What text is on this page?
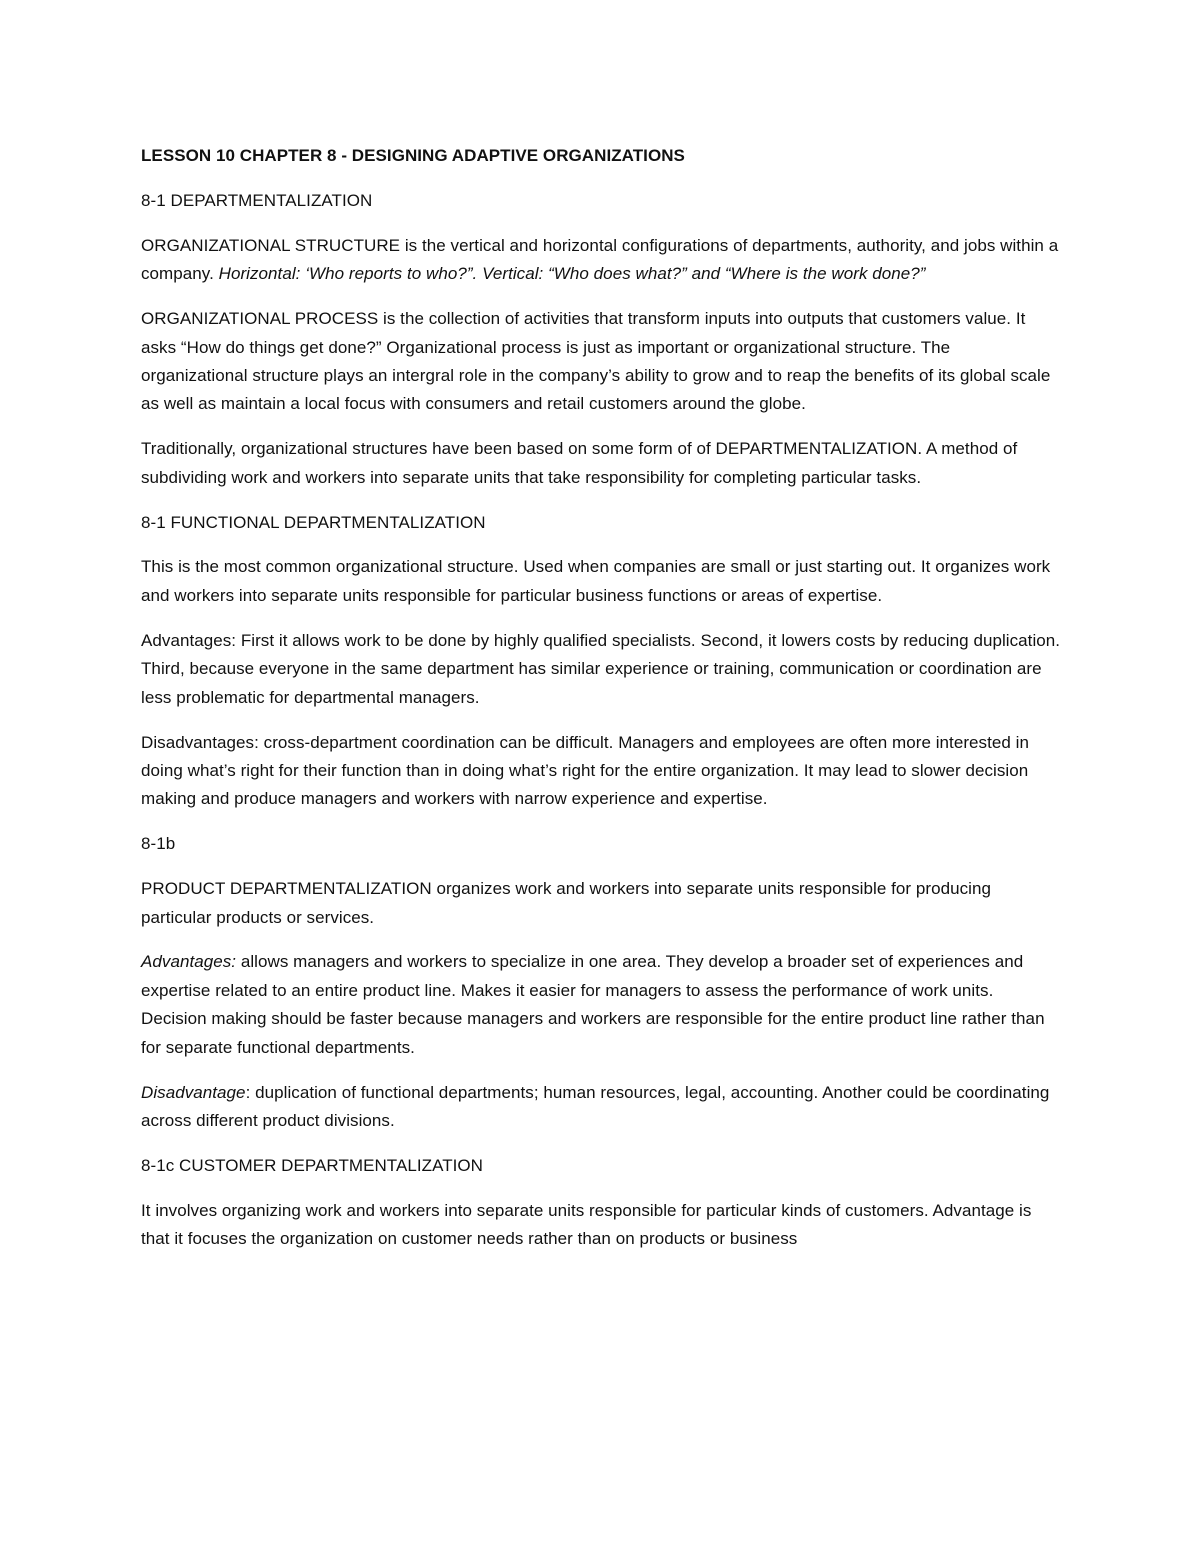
LESSON 10 CHAPTER 8 - DESIGNING ADAPTIVE ORGANIZATIONS

8-1 DEPARTMENTALIZATION

ORGANIZATIONAL STRUCTURE is the vertical and horizontal configurations of departments, authority, and jobs within a company. Horizontal: ‘Who reports to who?”. Vertical: “Who does what?” and “Where is the work done?”

ORGANIZATIONAL PROCESS is the collection of activities that transform inputs into outputs that customers value. It asks “How do things get done?” Organizational process is just as important or organizational structure. The organizational structure plays an intergral role in the company’s ability to grow and to reap the benefits of its global scale as well as maintain a local focus with consumers and retail customers around the globe.

Traditionally, organizational structures have been based on some form of of DEPARTMENTALIZATION. A method of subdividing work and workers into separate units that take responsibility for completing particular tasks.

8-1 FUNCTIONAL DEPARTMENTALIZATION

This is the most common organizational structure. Used when companies are small or just starting out. It organizes work and workers into separate units responsible for particular business functions or areas of expertise.

Advantages: First it allows work to be done by highly qualified specialists. Second, it lowers costs by reducing duplication. Third, because everyone in the same department has similar experience or training, communication or coordination are less problematic for departmental managers.

Disadvantages: cross-department coordination can be difficult. Managers and employees are often more interested in doing what’s right for their function than in doing what’s right for the entire organization. It may lead to slower decision making and produce managers and workers with narrow experience and expertise.

8-1b

PRODUCT DEPARTMENTALIZATION organizes work and workers into separate units responsible for producing particular products or services.

Advantages: allows managers and workers to specialize in one area. They develop a broader set of experiences and expertise related to an entire product line. Makes it easier for managers to assess the performance of work units. Decision making should be faster because managers and workers are responsible for the entire product line rather than for separate functional departments.

Disadvantage: duplication of functional departments; human resources, legal, accounting. Another could be coordinating across different product divisions.

8-1c CUSTOMER DEPARTMENTALIZATION

It involves organizing work and workers into separate units responsible for particular kinds of customers. Advantage is that it focuses the organization on customer needs rather than on products or business
